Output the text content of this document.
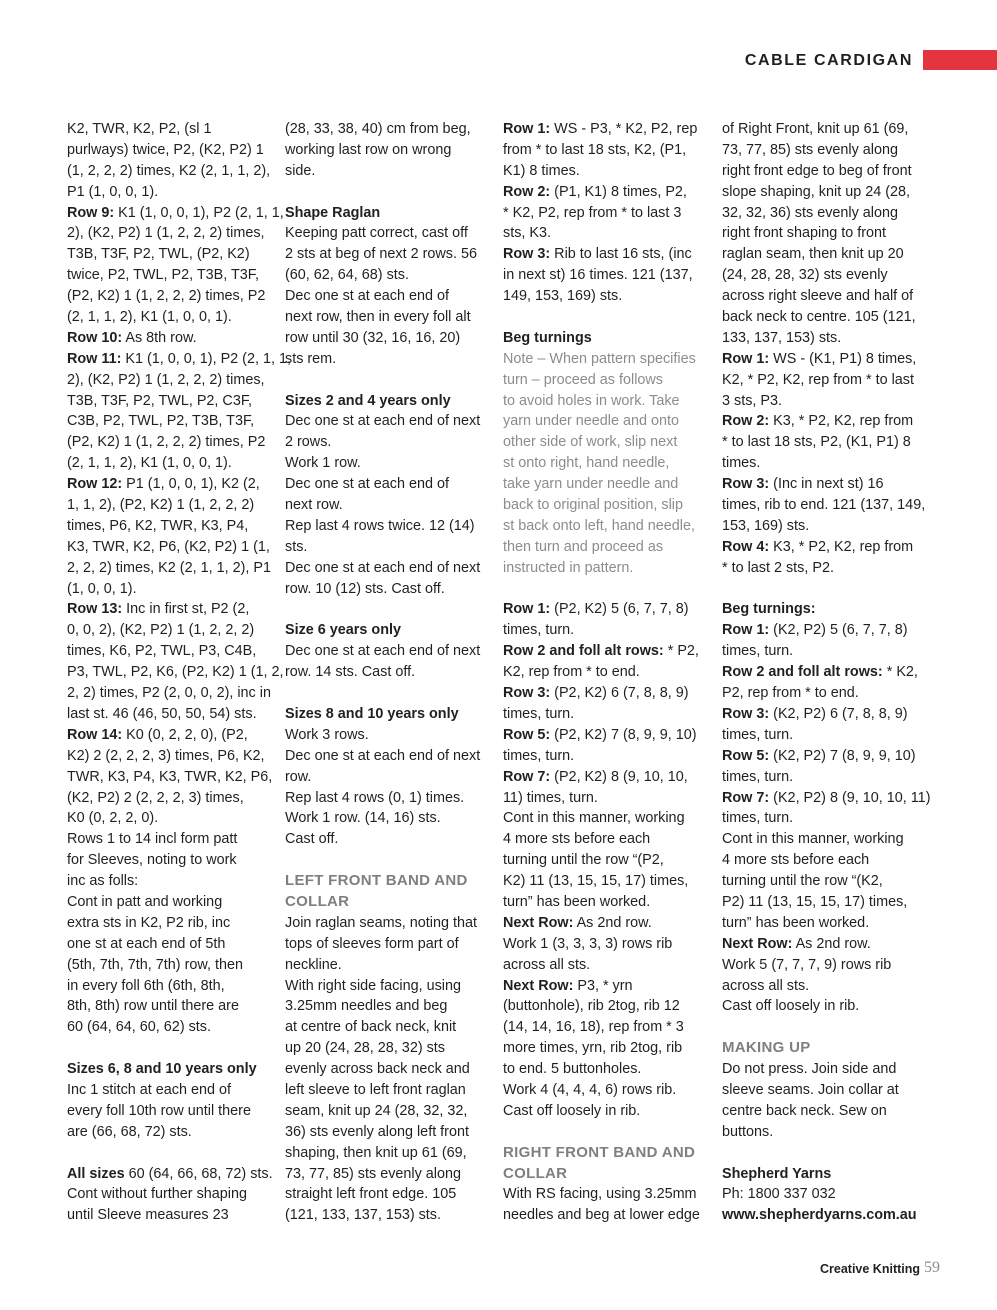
CABLE CARDIGAN
K2, TWR, K2, P2, (sl 1
purlways) twice, P2, (K2, P2) 1
(1, 2, 2, 2) times, K2 (2, 1, 1, 2),
P1 (1, 0, 0, 1).
Row 9: K1 (1, 0, 0, 1), P2 (2, 1, 1,
2), (K2, P2) 1 (1, 2, 2, 2) times,
T3B, T3F, P2, TWL, (P2, K2)
twice, P2, TWL, P2, T3B, T3F,
(P2, K2) 1 (1, 2, 2, 2) times, P2
(2, 1, 1, 2), K1 (1, 0, 0, 1).
Row 10: As 8th row.
Row 11: K1 (1, 0, 0, 1), P2 (2, 1, 1,
2), (K2, P2) 1 (1, 2, 2, 2) times,
T3B, T3F, P2, TWL, P2, C3F,
C3B, P2, TWL, P2, T3B, T3F,
(P2, K2) 1 (1, 2, 2, 2) times, P2
(2, 1, 1, 2), K1 (1, 0, 0, 1).
Row 12: P1 (1, 0, 0, 1), K2 (2,
1, 1, 2), (P2, K2) 1 (1, 2, 2, 2)
times, P6, K2, TWR, K3, P4,
K3, TWR, K2, P6, (K2, P2) 1 (1,
2, 2, 2) times, K2 (2, 1, 1, 2), P1
(1, 0, 0, 1).
Row 13: Inc in first st, P2 (2,
0, 0, 2), (K2, P2) 1 (1, 2, 2, 2)
times, K6, P2, TWL, P3, C4B,
P3, TWL, P2, K6, (P2, K2) 1 (1, 2,
2, 2) times, P2 (2, 0, 0, 2), inc in
last st. 46 (46, 50, 50, 54) sts.
Row 14: K0 (0, 2, 2, 0), (P2,
K2) 2 (2, 2, 2, 3) times, P6, K2,
TWR, K3, P4, K3, TWR, K2, P6,
(K2, P2) 2 (2, 2, 2, 3) times,
K0 (0, 2, 2, 0).
Rows 1 to 14 incl form patt
for Sleeves, noting to work
inc as folls:
Cont in patt and working
extra sts in K2, P2 rib, inc
one st at each end of 5th
(5th, 7th, 7th, 7th) row, then
in every foll 6th (6th, 8th,
8th, 8th) row until there are
60 (64, 64, 60, 62) sts.
Sizes 6, 8 and 10 years only
Inc 1 stitch at each end of
every foll 10th row until there
are (66, 68, 72) sts.
All sizes 60 (64, 66, 68, 72) sts.
Cont without further shaping
until Sleeve measures 23
(28, 33, 38, 40) cm from beg,
working last row on wrong
side.
Shape Raglan
Keeping patt correct, cast off
2 sts at beg of next 2 rows. 56
(60, 62, 64, 68) sts.
Dec one st at each end of
next row, then in every foll alt
row until 30 (32, 16, 16, 20)
sts rem.
Sizes 2 and 4 years only
Dec one st at each end of next
2 rows.
Work 1 row.
Dec one st at each end of
next row.
Rep last 4 rows twice. 12 (14)
sts.
Dec one st at each end of next
row. 10 (12) sts. Cast off.
Size 6 years only
Dec one st at each end of next
row. 14 sts. Cast off.
Sizes 8 and 10 years only
Work 3 rows.
Dec one st at each end of next
row.
Rep last 4 rows (0, 1) times.
Work 1 row. (14, 16) sts.
Cast off.
LEFT FRONT BAND AND
COLLAR
Join raglan seams, noting that
tops of sleeves form part of
neckline.
With right side facing, using
3.25mm needles and beg
at centre of back neck, knit
up 20 (24, 28, 28, 32) sts
evenly across back neck and
left sleeve to left front raglan
seam, knit up 24 (28, 32, 32,
36) sts evenly along left front
shaping, then knit up 61 (69,
73, 77, 85) sts evenly along
straight left front edge. 105
(121, 133, 137, 153) sts.
Row 1: WS - P3, * K2, P2, rep
from * to last 18 sts, K2, (P1,
K1) 8 times.
Row 2: (P1, K1) 8 times, P2,
* K2, P2, rep from * to last 3
sts, K3.
Row 3: Rib to last 16 sts, (inc
in next st) 16 times. 121 (137,
149, 153, 169) sts.
Beg turnings
Note – When pattern specifies
turn – proceed as follows
to avoid holes in work. Take
yarn under needle and onto
other side of work, slip next
st onto right, hand needle,
take yarn under needle and
back to original position, slip
st back onto left, hand needle,
then turn and proceed as
instructed in pattern.
Row 1: (P2, K2) 5 (6, 7, 7, 8)
times, turn.
Row 2 and foll alt rows: * P2,
K2, rep from * to end.
Row 3: (P2, K2) 6 (7, 8, 8, 9)
times, turn.
Row 5: (P2, K2) 7 (8, 9, 9, 10)
times, turn.
Row 7: (P2, K2) 8 (9, 10, 10,
11) times, turn.
Cont in this manner, working
4 more sts before each
turning until the row “(P2,
K2) 11 (13, 15, 15, 17) times,
turn” has been worked.
Next Row: As 2nd row.
Work 1 (3, 3, 3, 3) rows rib
across all sts.
Next Row: P3, * yrn
(buttonhole), rib 2tog, rib 12
(14, 14, 16, 18), rep from * 3
more times, yrn, rib 2tog, rib
to end. 5 buttonholes.
Work 4 (4, 4, 4, 6) rows rib.
Cast off loosely in rib.
RIGHT FRONT BAND AND
COLLAR
With RS facing, using 3.25mm
needles and beg at lower edge
of Right Front, knit up 61 (69,
73, 77, 85) sts evenly along
right front edge to beg of front
slope shaping, knit up 24 (28,
32, 32, 36) sts evenly along
right front shaping to front
raglan seam, then knit up 20
(24, 28, 28, 32) sts evenly
across right sleeve and half of
back neck to centre. 105 (121,
133, 137, 153) sts.
Row 1: WS - (K1, P1) 8 times,
K2, * P2, K2, rep from * to last
3 sts, P3.
Row 2: K3, * P2, K2, rep from
* to last 18 sts, P2, (K1, P1) 8
times.
Row 3: (Inc in next st) 16
times, rib to end. 121 (137, 149,
153, 169) sts.
Row 4: K3, * P2, K2, rep from
* to last 2 sts, P2.
Beg turnings:
Row 1: (K2, P2) 5 (6, 7, 7, 8)
times, turn.
Row 2 and foll alt rows: * K2,
P2, rep from * to end.
Row 3: (K2, P2) 6 (7, 8, 8, 9)
times, turn.
Row 5: (K2, P2) 7 (8, 9, 9, 10)
times, turn.
Row 7: (K2, P2) 8 (9, 10, 10, 11)
times, turn.
Cont in this manner, working
4 more sts before each
turning until the row “(K2,
P2) 11 (13, 15, 15, 17) times,
turn” has been worked.
Next Row: As 2nd row.
Work 5 (7, 7, 7, 9) rows rib
across all sts.
Cast off loosely in rib.
MAKING UP
Do not press. Join side and
sleeve seams. Join collar at
centre back neck. Sew on
buttons.
Shepherd Yarns
Ph: 1800 337 032
www.shepherdyarns.com.au
Creative Knitting 59
